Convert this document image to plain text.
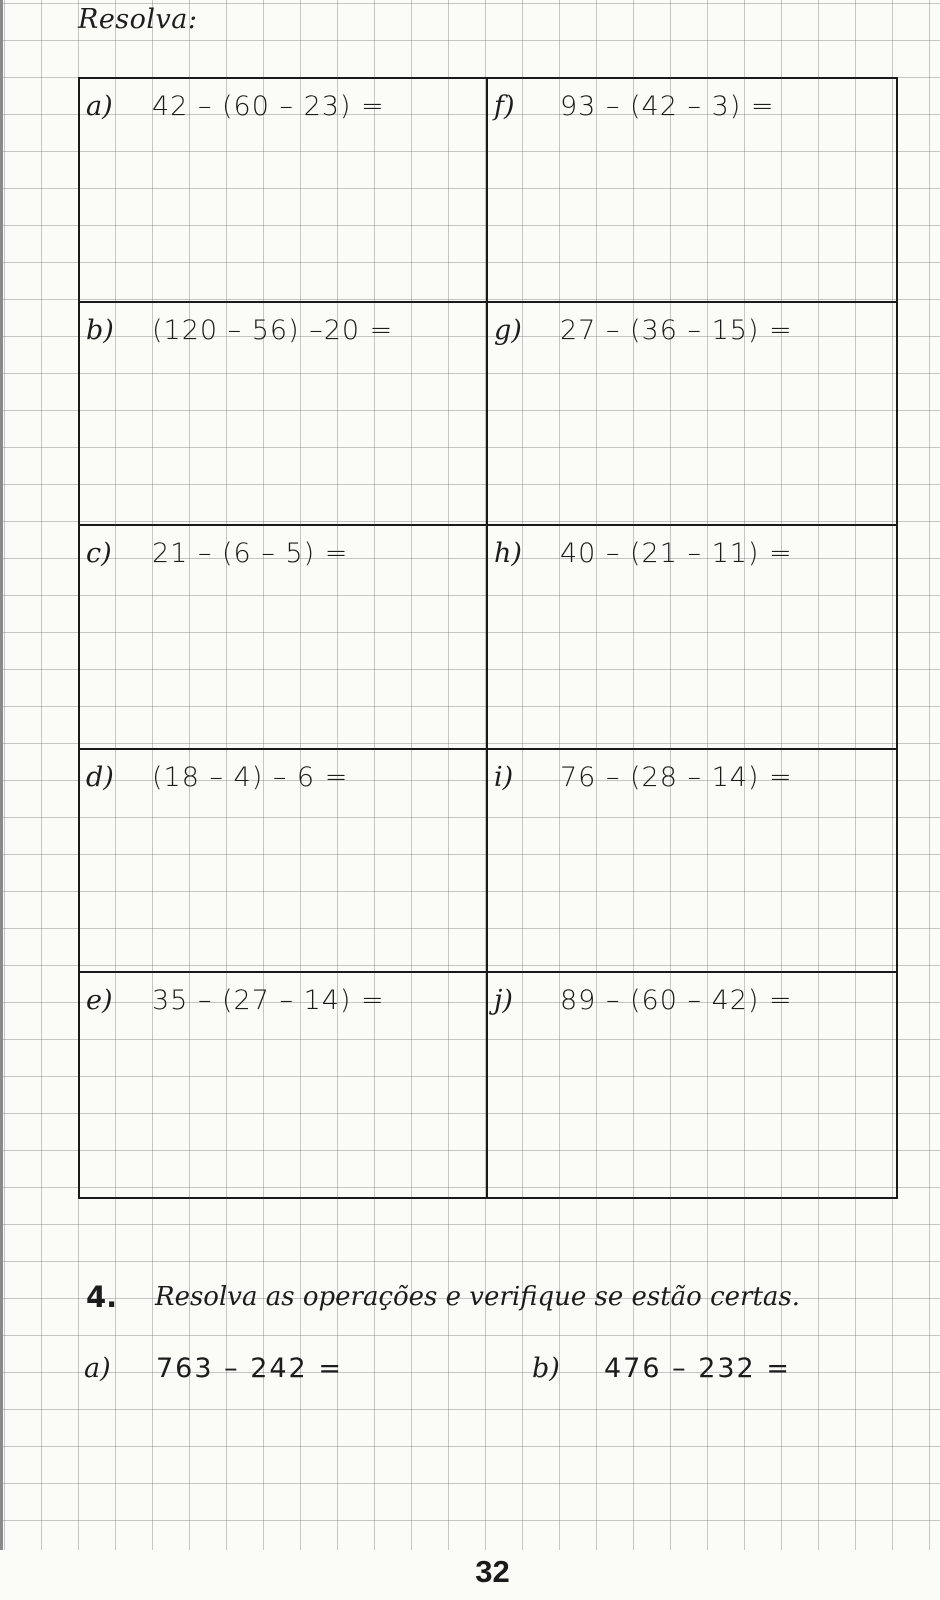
Resolva:
a) 42 – (60 – 23) =	f) 93 – (42 – 3) =
b) (120 – 56) –20 =	g) 27 – (36 – 15) =
c) 21 – (6 – 5) =	h) 40 – (21 – 11) =
d) (18 – 4) – 6 =	i) 76 – (28 – 14) =
e) 35 – (27 – 14) =	j) 89 – (60 – 42) =
4. Resolva as operações e verifique se estão certas.
a) 763 – 242 =	b) 476 – 232 =
32
